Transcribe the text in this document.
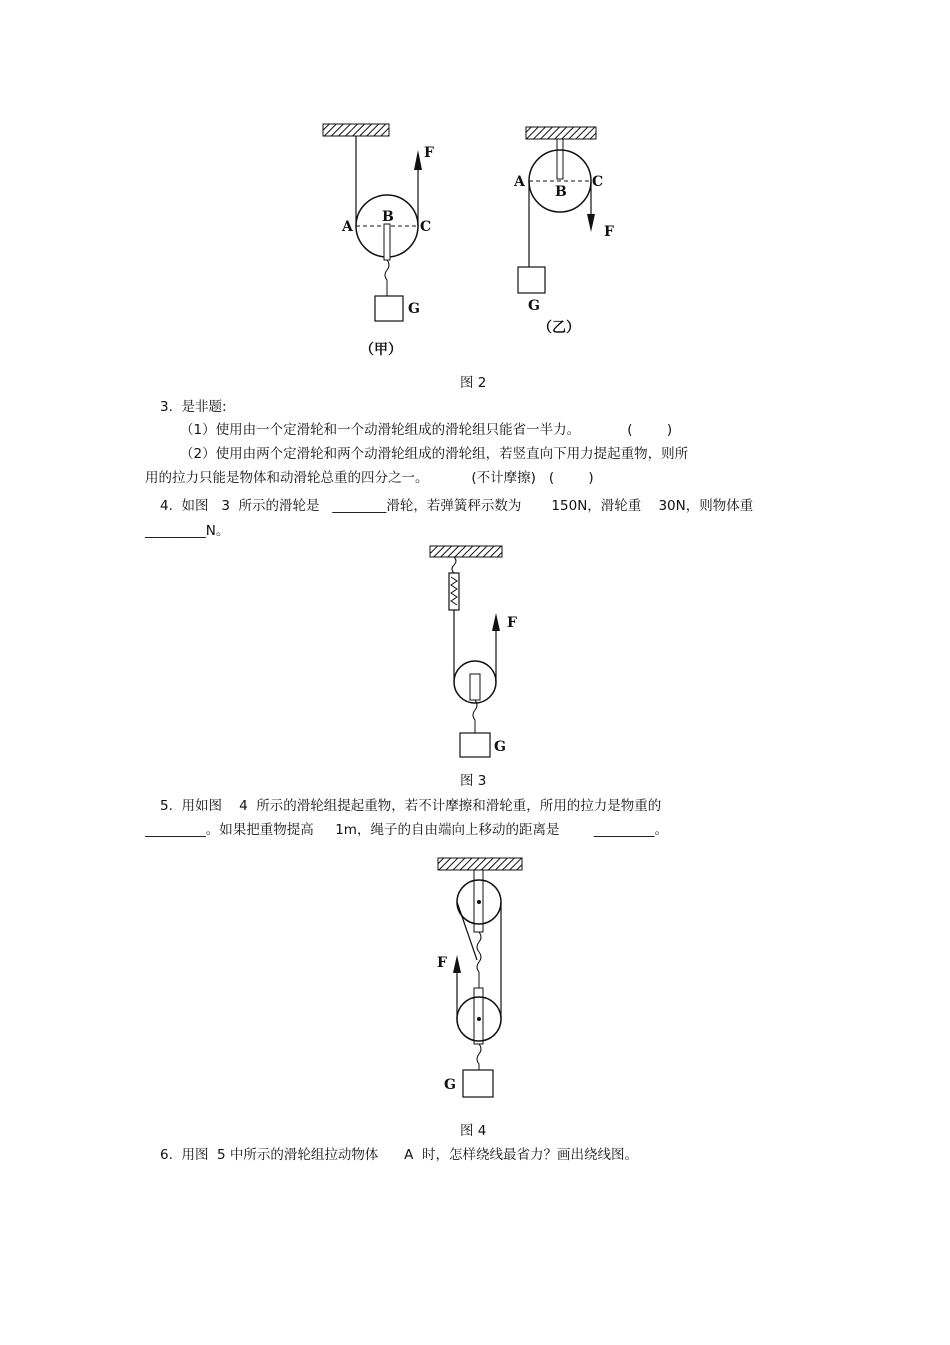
A
B
C
F
G
（甲）
A
B
C
F
G
（乙）
F
G
F
G
图 2
3.  是非题:
（1）使用由一个定滑轮和一个动滑轮组成的滑轮组只能省一半力。           (        )
（2）使用由两个定滑轮和两个动滑轮组成的滑轮组，若竖直向下用力提起重物，则所
用的拉力只能是物体和动滑轮总重的四分之一。          (不计摩擦)   (        )
4.  如图   3  所示的滑轮是   ________滑轮，若弹簧秤示数为       150N，滑轮重    30N，则物体重
_________N。
图 3
5.  用如图    4  所示的滑轮组提起重物，若不计摩擦和滑轮重，所用的拉力是物重的
_________。如果把重物提高     1m，绳子的自由端向上移动的距离是        _________。
图 4
6.  用图  5 中所示的滑轮组拉动物体      A  时，怎样绕线最省力？画出绕线图。
